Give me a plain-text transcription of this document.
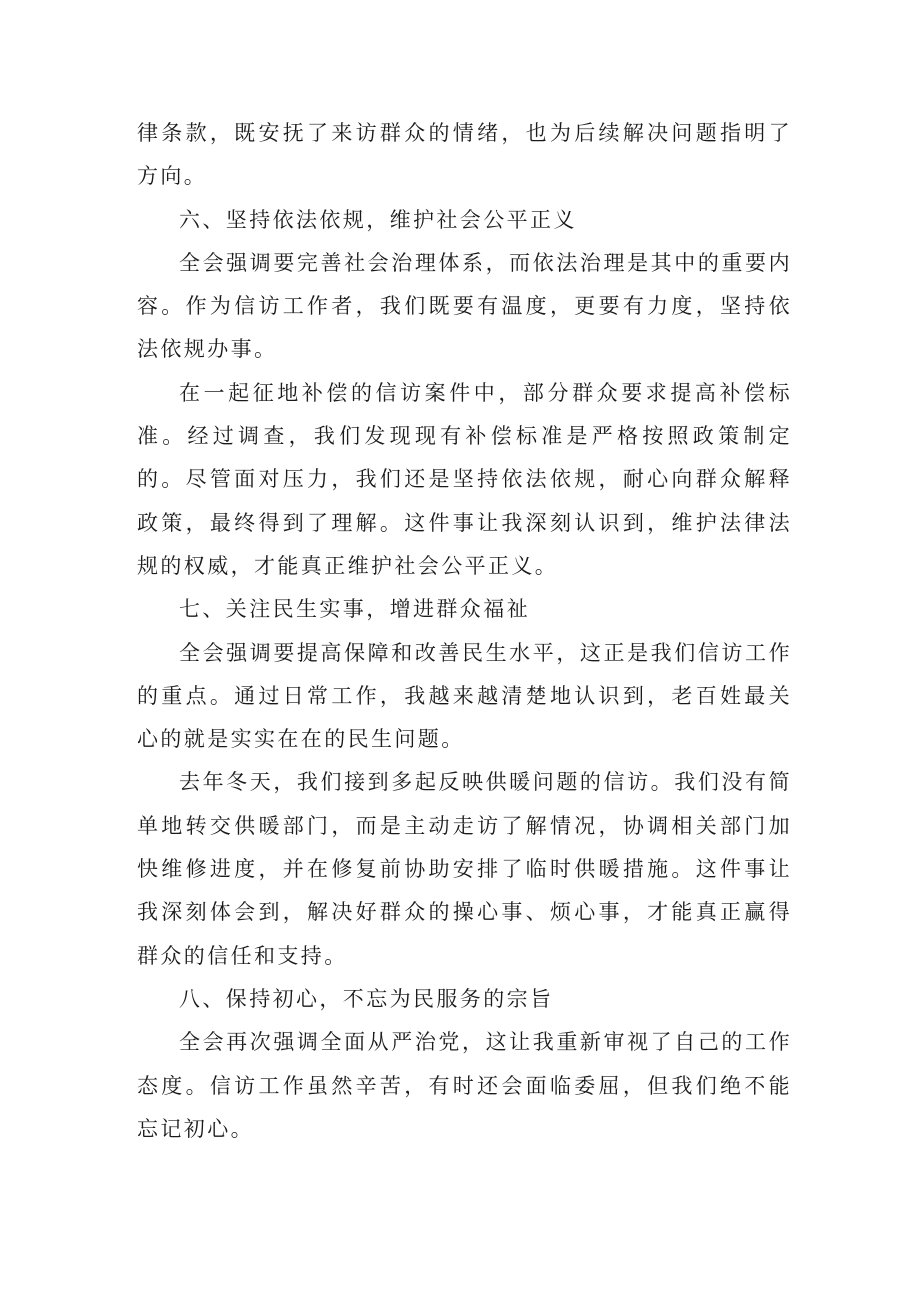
律条款，既安抚了来访群众的情绪，也为后续解决问题指明了方向。

六、坚持依法依规，维护社会公平正义

全会强调要完善社会治理体系，而依法治理是其中的重要内容。作为信访工作者，我们既要有温度，更要有力度，坚持依法依规办事。

在一起征地补偿的信访案件中，部分群众要求提高补偿标准。经过调查，我们发现现有补偿标准是严格按照政策制定的。尽管面对压力，我们还是坚持依法依规，耐心向群众解释政策，最终得到了理解。这件事让我深刻认识到，维护法律法规的权威，才能真正维护社会公平正义。

七、关注民生实事，增进群众福祉

全会强调要提高保障和改善民生水平，这正是我们信访工作的重点。通过日常工作，我越来越清楚地认识到，老百姓最关心的就是实实在在的民生问题。

去年冬天，我们接到多起反映供暖问题的信访。我们没有简单地转交供暖部门，而是主动走访了解情况，协调相关部门加快维修进度，并在修复前协助安排了临时供暖措施。这件事让我深刻体会到，解决好群众的操心事、烦心事，才能真正赢得群众的信任和支持。

八、保持初心，不忘为民服务的宗旨

全会再次强调全面从严治党，这让我重新审视了自己的工作态度。信访工作虽然辛苦，有时还会面临委屈，但我们绝不能忘记初心。
